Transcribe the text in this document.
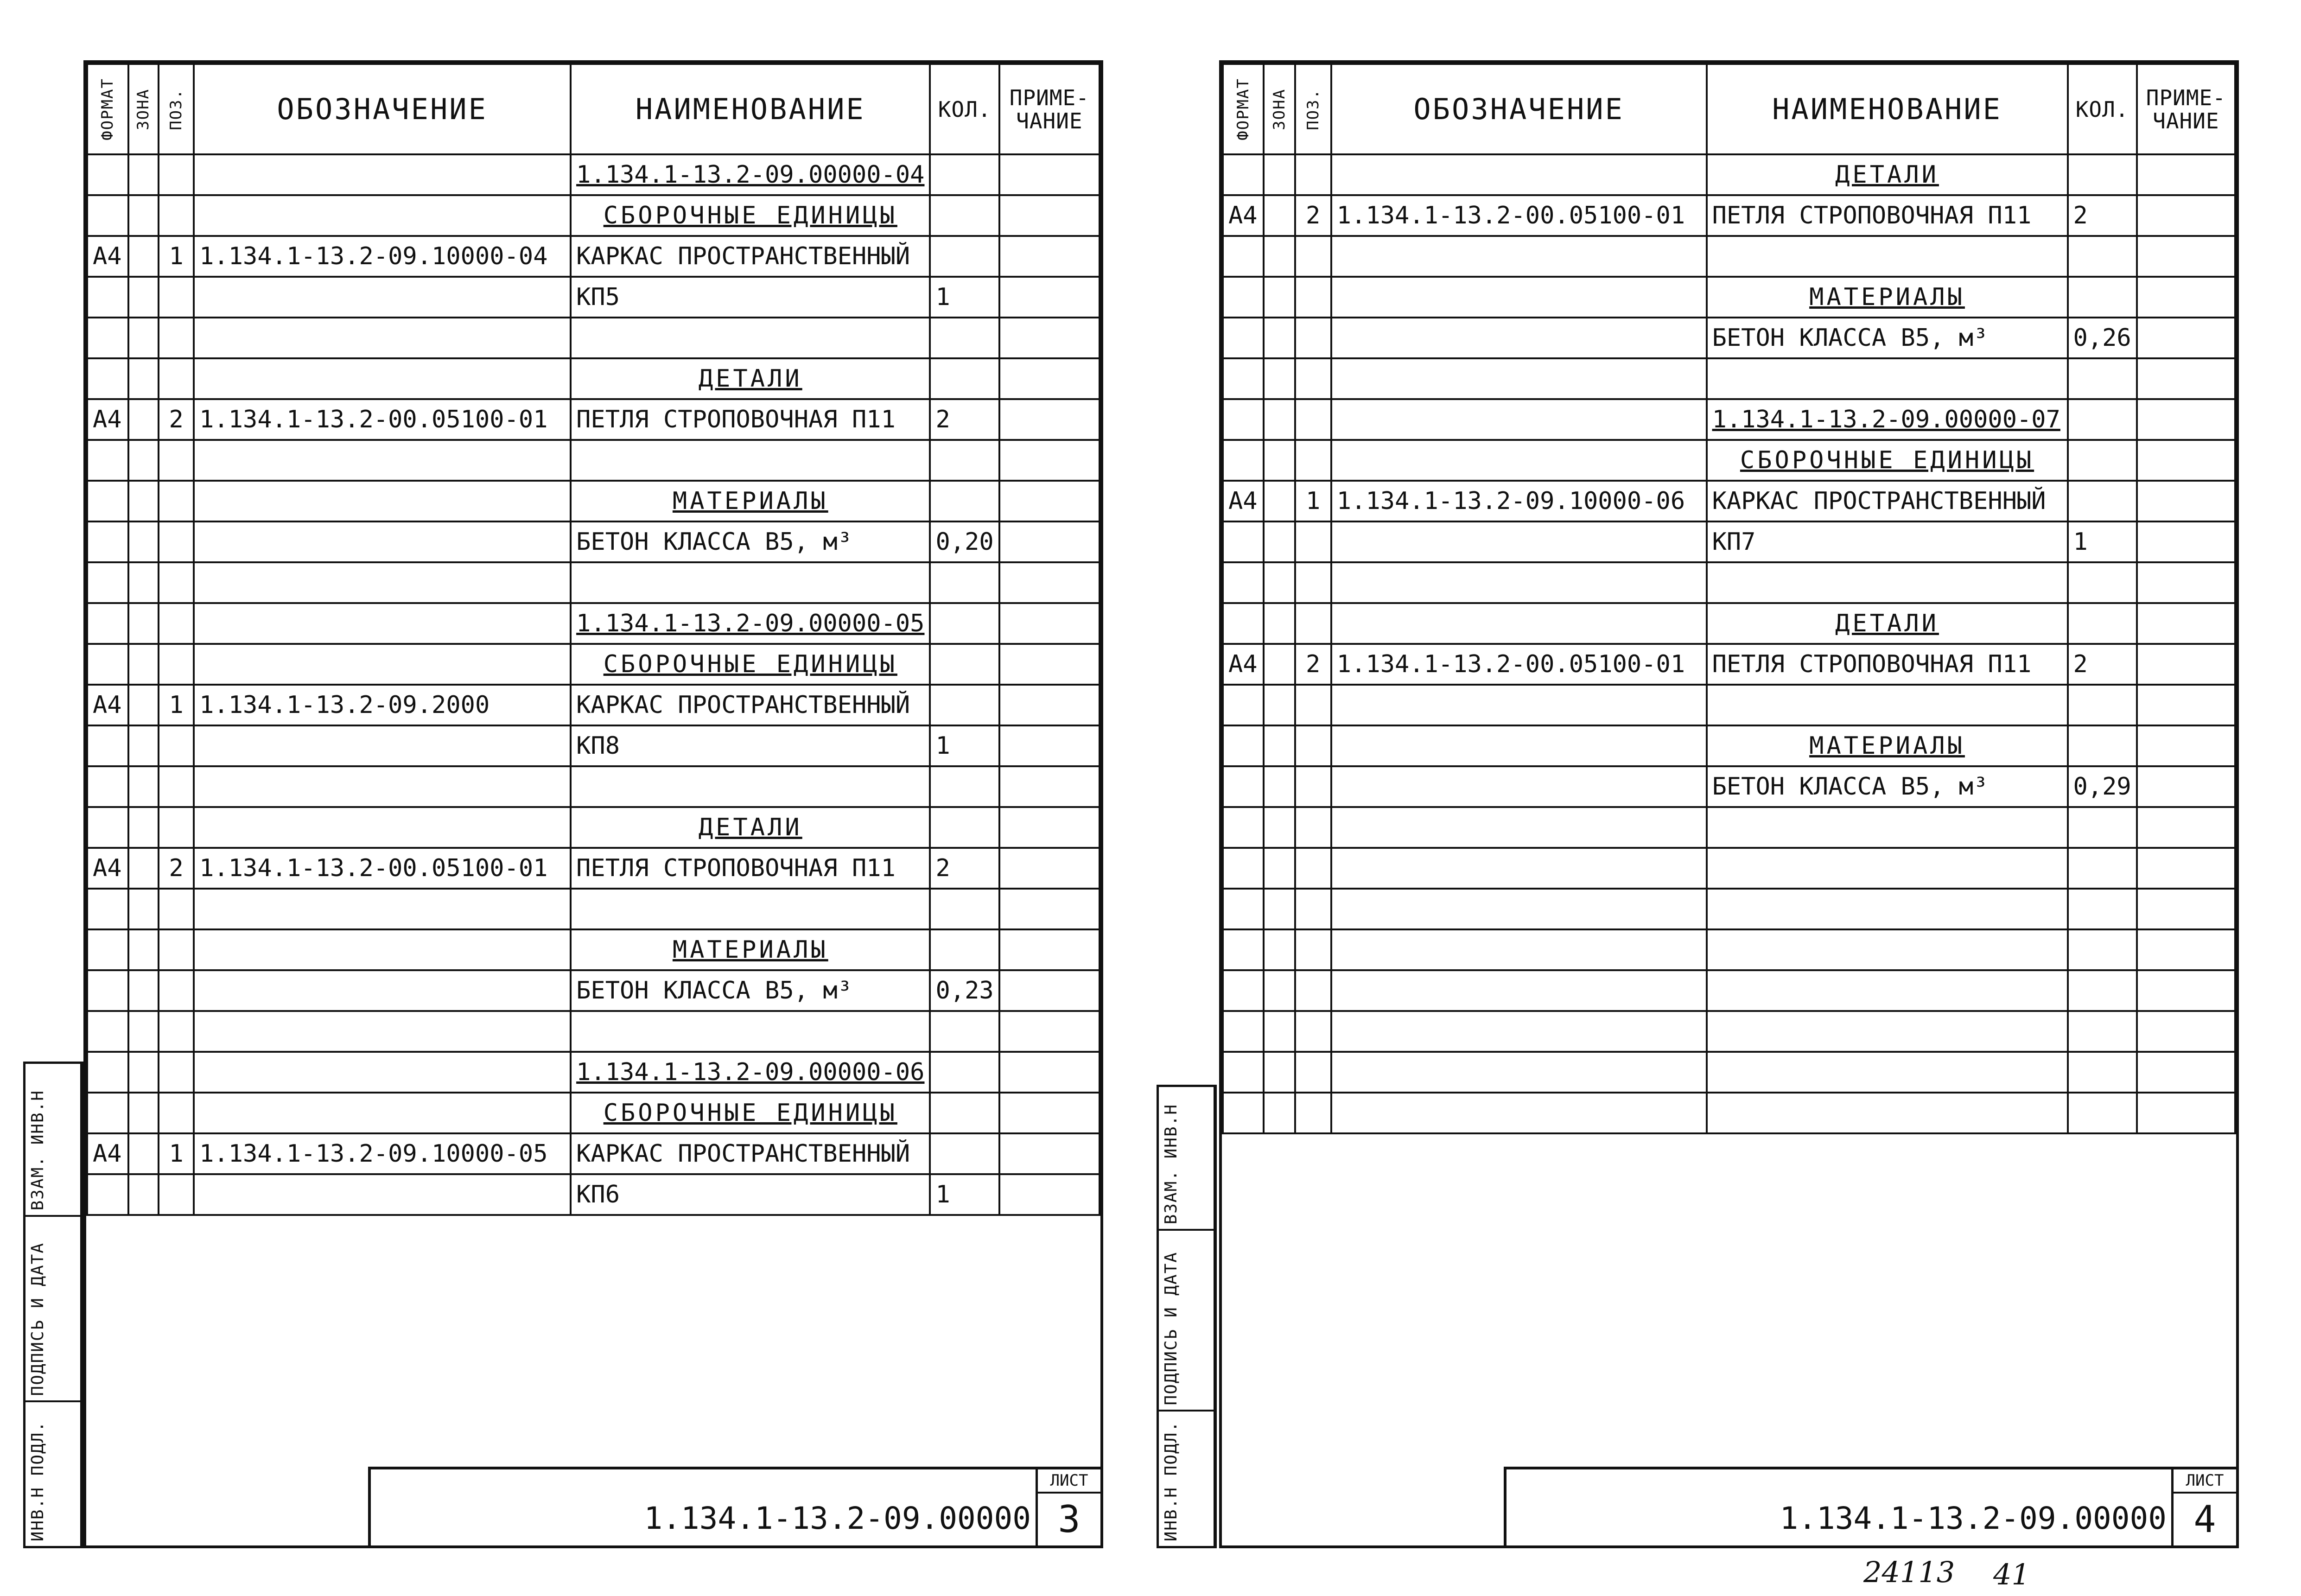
ФОРМАТ	ЗОНА	ПОЗ.	ОБОЗНАЧЕНИЕ	НАИМЕНОВАНИЕ	КОЛ.	ПРИМЕ-ЧАНИЕ
				1.134.1-13.2-09.00000-04		
				СБОРОЧНЫЕ ЕДИНИЦЫ		
А4		1	1.134.1-13.2-09.10000-04	КАРКАС ПРОСТРАНСТВЕННЫЙ		
				КП5	1	

				ДЕТАЛИ		
А4		2	1.134.1-13.2-00.05100-01	ПЕТЛЯ СТРОПОВОЧНАЯ П11	2	

				МАТЕРИАЛЫ		
				БЕТОН КЛАССА В5, м³	0,20	

				1.134.1-13.2-09.00000-05		
				СБОРОЧНЫЕ ЕДИНИЦЫ		
А4		1	1.134.1-13.2-09.2000	КАРКАС ПРОСТРАНСТВЕННЫЙ		
				КП8	1	

				ДЕТАЛИ		
А4		2	1.134.1-13.2-00.05100-01	ПЕТЛЯ СТРОПОВОЧНАЯ П11	2	

				МАТЕРИАЛЫ		
				БЕТОН КЛАССА В5, м³	0,23	

				1.134.1-13.2-09.00000-06		
				СБОРОЧНЫЕ ЕДИНИЦЫ		
А4		1	1.134.1-13.2-09.10000-05	КАРКАС ПРОСТРАНСТВЕННЫЙ		
				КП6	1	
1.134.1-13.2-09.00000
ЛИСТ
3
ВЗАМ. ИНВ.Н
ПОДПИСЬ И ДАТА
ИНВ.Н ПОДЛ.
ФОРМАТ	ЗОНА	ПОЗ.	ОБОЗНАЧЕНИЕ	НАИМЕНОВАНИЕ	КОЛ.	ПРИМЕ-ЧАНИЕ
				ДЕТАЛИ		
А4		2	1.134.1-13.2-00.05100-01	ПЕТЛЯ СТРОПОВОЧНАЯ П11	2	

				МАТЕРИАЛЫ		
				БЕТОН КЛАССА В5, м³	0,26	

				1.134.1-13.2-09.00000-07		
				СБОРОЧНЫЕ ЕДИНИЦЫ		
А4		1	1.134.1-13.2-09.10000-06	КАРКАС ПРОСТРАНСТВЕННЫЙ		
				КП7	1	

				ДЕТАЛИ		
А4		2	1.134.1-13.2-00.05100-01	ПЕТЛЯ СТРОПОВОЧНАЯ П11	2	

				МАТЕРИАЛЫ		
				БЕТОН КЛАССА В5, м³	0,29	

1.134.1-13.2-09.00000
ЛИСТ
4
ВЗАМ. ИНВ.Н
ПОДПИСЬ И ДАТА
ИНВ.Н ПОДЛ.
24113 41
